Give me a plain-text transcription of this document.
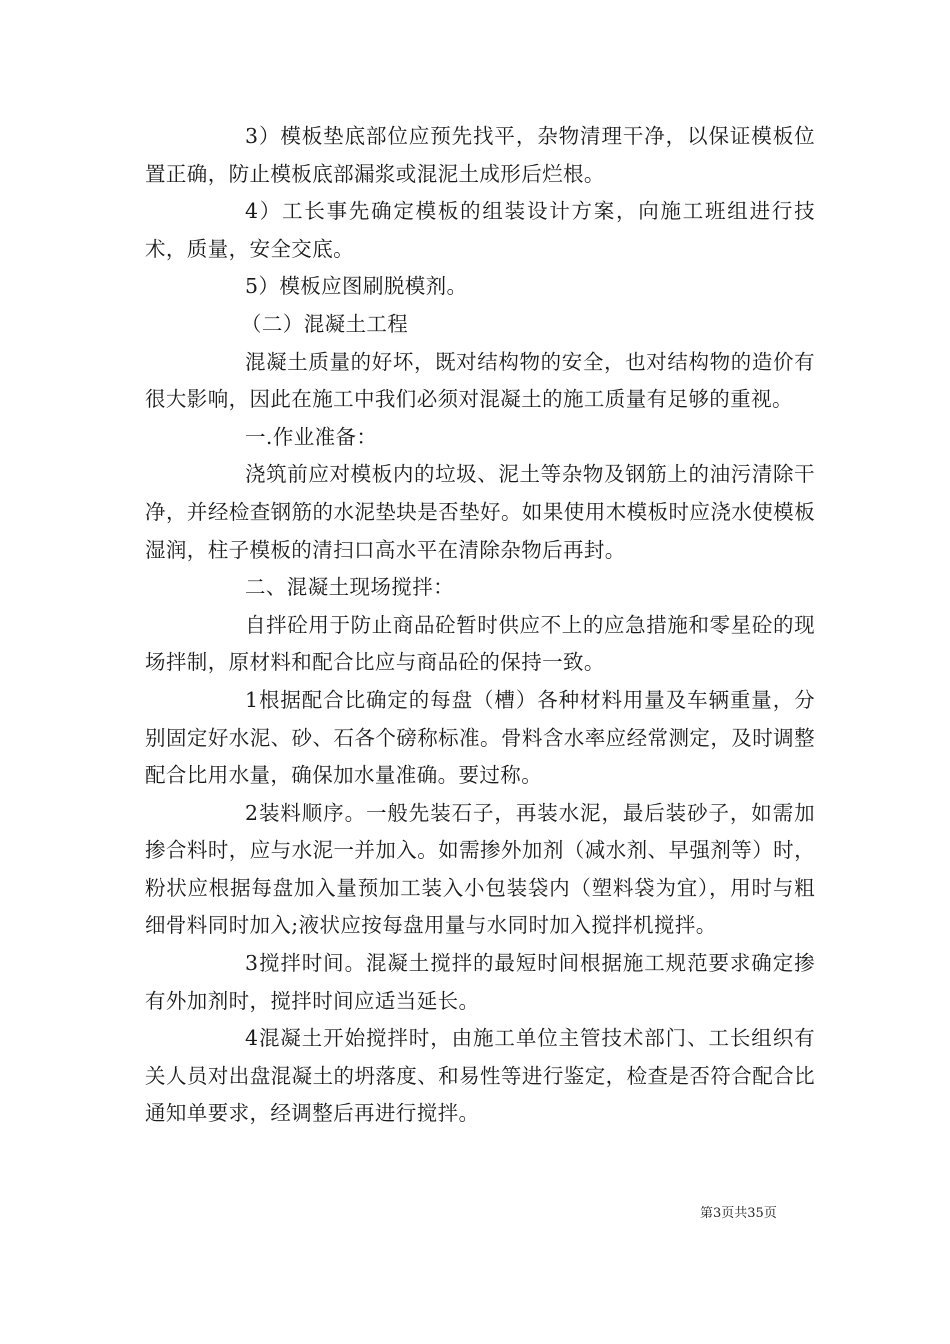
3）模板垫底部位应预先找平，杂物清理干净，以保证模板位置正确，防止模板底部漏浆或混泥土成形后烂根。

4）工长事先确定模板的组装设计方案，向施工班组进行技术，质量，安全交底。

5）模板应图刷脱模剂。

（二）混凝土工程

混凝土质量的好坏，既对结构物的安全，也对结构物的造价有很大影响，因此在施工中我们必须对混凝土的施工质量有足够的重视。

一.作业准备：

浇筑前应对模板内的垃圾、泥土等杂物及钢筋上的油污清除干净，并经检查钢筋的水泥垫块是否垫好。如果使用木模板时应浇水使模板湿润，柱子模板的清扫口高水平在清除杂物后再封。

二、混凝土现场搅拌：

自拌砼用于防止商品砼暂时供应不上的应急措施和零星砼的现场拌制，原材料和配合比应与商品砼的保持一致。

1根据配合比确定的每盘（槽）各种材料用量及车辆重量，分别固定好水泥、砂、石各个磅称标准。骨料含水率应经常测定，及时调整配合比用水量，确保加水量准确。要过称。

2装料顺序。一般先装石子，再装水泥，最后装砂子，如需加掺合料时，应与水泥一并加入。如需掺外加剂（减水剂、早强剂等）时，粉状应根据每盘加入量预加工装入小包装袋内（塑料袋为宜），用时与粗细骨料同时加入;液状应按每盘用量与水同时加入搅拌机搅拌。

3搅拌时间。混凝土搅拌的最短时间根据施工规范要求确定掺有外加剂时，搅拌时间应适当延长。

4混凝土开始搅拌时，由施工单位主管技术部门、工长组织有关人员对出盘混凝土的坍落度、和易性等进行鉴定，检查是否符合配合比通知单要求，经调整后再进行搅拌。

第3页共35页
